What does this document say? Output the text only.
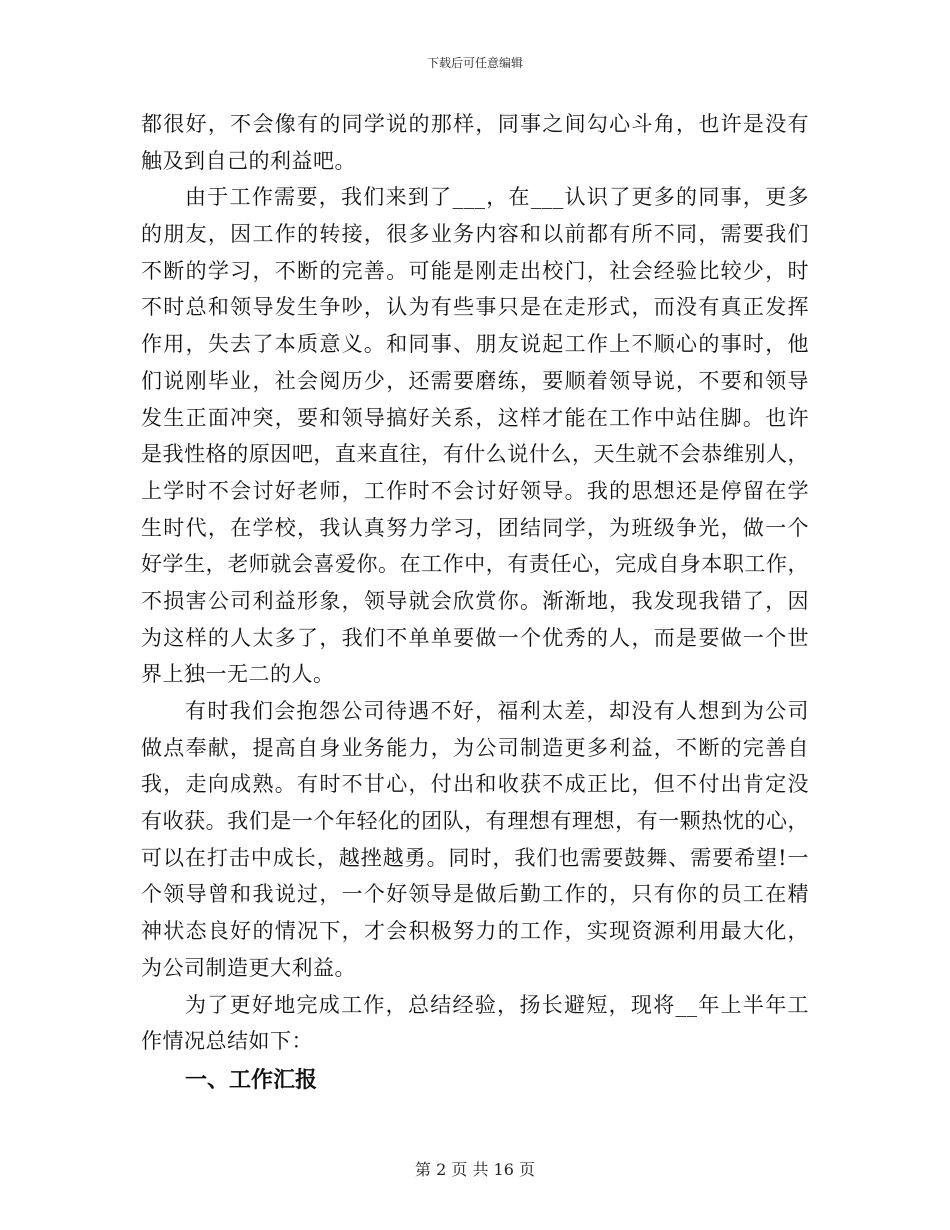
下载后可任意编辑
都很好，不会像有的同学说的那样，同事之间勾心斗角，也许是没有
触及到自己的利益吧。
由于工作需要，我们来到了___，在___认识了更多的同事，更多
的朋友，因工作的转接，很多业务内容和以前都有所不同，需要我们
不断的学习，不断的完善。可能是刚走出校门，社会经验比较少，时
不时总和领导发生争吵，认为有些事只是在走形式，而没有真正发挥
作用，失去了本质意义。和同事、朋友说起工作上不顺心的事时，他
们说刚毕业，社会阅历少，还需要磨练，要顺着领导说，不要和领导
发生正面冲突，要和领导搞好关系，这样才能在工作中站住脚。也许
是我性格的原因吧，直来直往，有什么说什么，天生就不会恭维别人，
上学时不会讨好老师，工作时不会讨好领导。我的思想还是停留在学
生时代，在学校，我认真努力学习，团结同学，为班级争光，做一个
好学生，老师就会喜爱你。在工作中，有责任心，完成自身本职工作，
不损害公司利益形象，领导就会欣赏你。渐渐地，我发现我错了，因
为这样的人太多了，我们不单单要做一个优秀的人，而是要做一个世
界上独一无二的人。
有时我们会抱怨公司待遇不好，福利太差，却没有人想到为公司
做点奉献，提高自身业务能力，为公司制造更多利益，不断的完善自
我，走向成熟。有时不甘心，付出和收获不成正比，但不付出肯定没
有收获。我们是一个年轻化的团队，有理想有理想，有一颗热忱的心，
可以在打击中成长，越挫越勇。同时，我们也需要鼓舞、需要希望!一
个领导曾和我说过，一个好领导是做后勤工作的，只有你的员工在精
神状态良好的情况下，才会积极努力的工作，实现资源利用最大化，
为公司制造更大利益。
为了更好地完成工作，总结经验，扬长避短，现将__年上半年工
作情况总结如下：
一、工作汇报
第 2 页 共 16 页
